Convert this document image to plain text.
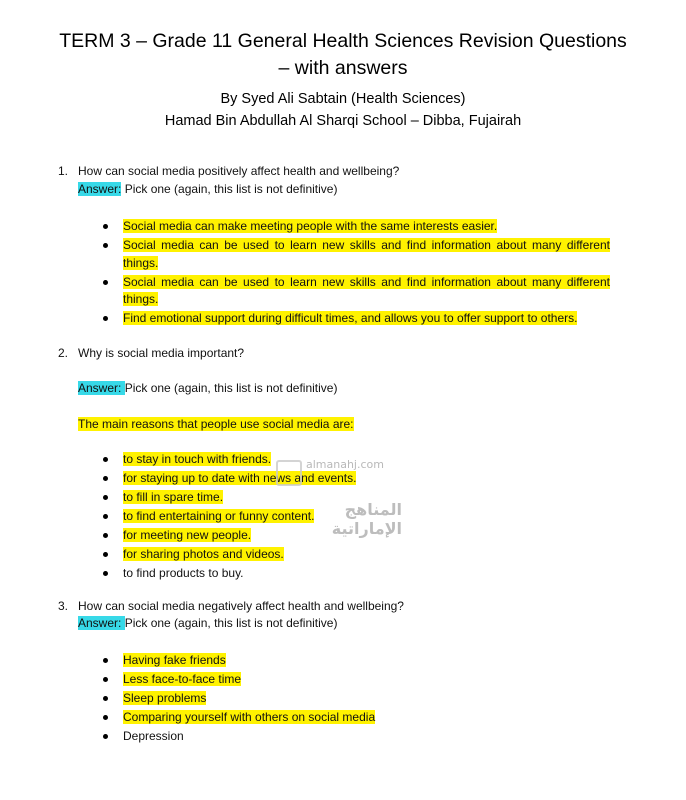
TERM 3 – Grade 11 General Health Sciences Revision Questions

– with answers

By Syed Ali Sabtain (Health Sciences)

Hamad Bin Abdullah Al Sharqi School – Dibba, Fujairah

1. How can social media positively affect health and wellbeing?
Answer: Pick one (again, this list is not definitive)
Social media can make meeting people with the same interests easier.
Social media can be used to learn new skills and find information about many different things.
Social media can be used to learn new skills and find information about many different things.
Find emotional support during difficult times, and allows you to offer support to others.
2. Why is social media important?
Answer: Pick one (again, this list is not definitive)
The main reasons that people use social media are:
to stay in touch with friends.
for staying up to date with news and events.
to fill in spare time.
to find entertaining or funny content.
for meeting new people.
for sharing photos and videos.
to find products to buy.
3. How can social media negatively affect health and wellbeing?
Answer: Pick one (again, this list is not definitive)
Having fake friends
Less face-to-face time
Sleep problems
Comparing yourself with others on social media
Depression
almanahj.com
المناهج الإماراتية
